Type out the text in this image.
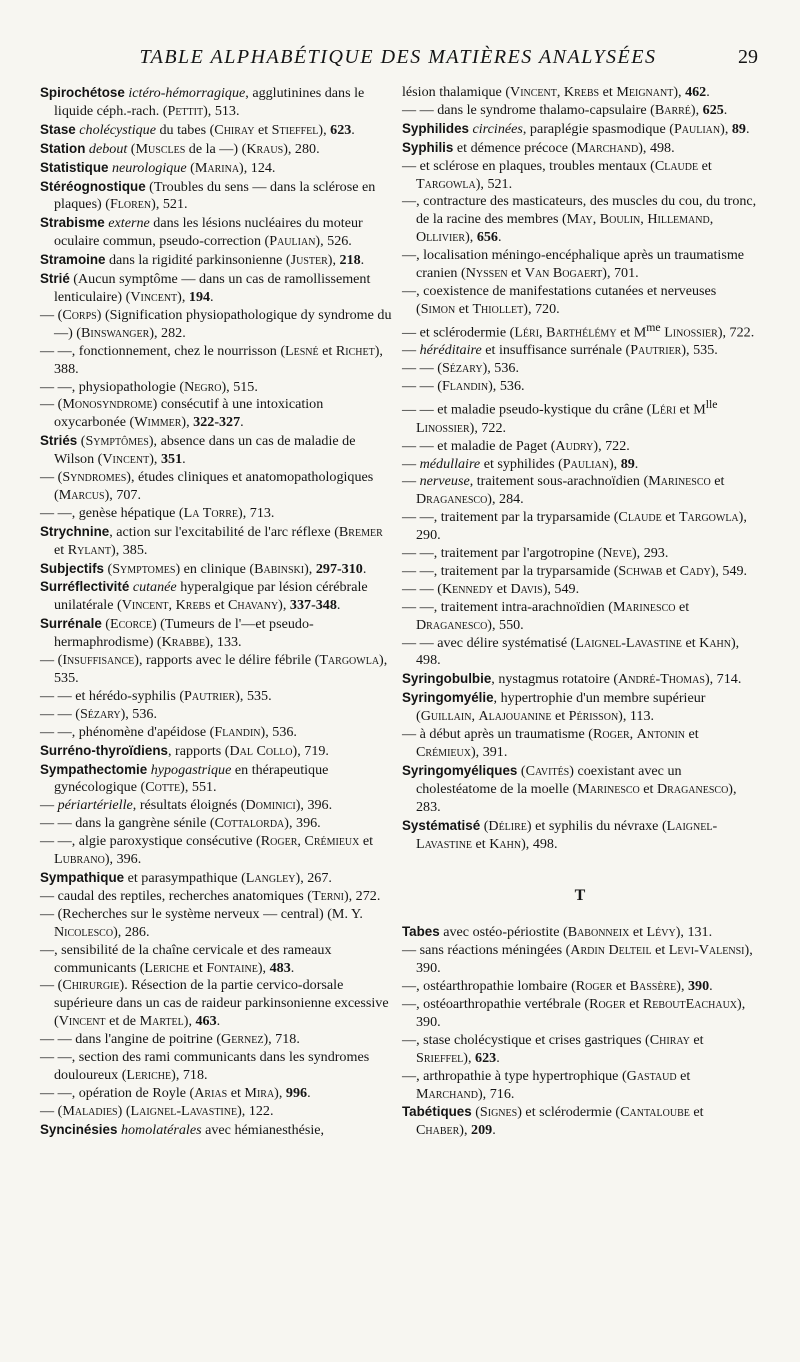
TABLE ALPHABÉTIQUE DES MATIÈRES ANALYSÉES	29

Spirochétose ictéro-hémorragique, agglutinines dans le liquide céph.-rach. (Pettit), 513.

Stase cholécystique du tabes (Chiray et Stieffel), 623.

Station debout (Muscles de la —) (Kraus), 280.

Statistique neurologique (Marina), 124.

Stéréognostique (Troubles du sens — dans la sclérose en plaques) (Floren), 521.

Strabisme externe dans les lésions nucléaires du moteur oculaire commun, pseudo-correction (Paulian), 526.

Stramoine dans la rigidité parkinsonienne (Juster), 218.

Strié (Aucun symptôme — dans un cas de ramollissement lenticulaire) (Vincent), 194.

— (Corps) (Signification physiopathologique dy syndrome du —) (Binswanger), 282.

— —, fonctionnement, chez le nourrisson (Lesné et Richet), 388.

— —, physiopathologie (Negro), 515.

— (Monosyndrome) consécutif à une intoxication oxycarbonée (Wimmer), 322-327.

Striés (Symptômes), absence dans un cas de maladie de Wilson (Vincent), 351.

— (Syndromes), études cliniques et anatomopathologiques (Marcus), 707.

— —, genèse hépatique (La Torre), 713.

Strychnine, action sur l'excitabilité de l'arc réflexe (Bremer et Rylant), 385.

Subjectifs (Symptomes) en clinique (Babinski), 297-310.

Surréflectivité cutanée hyperalgique par lésion cérébrale unilatérale (Vincent, Krebs et Chavany), 337-348.

Surrénale (Ecorce) (Tumeurs de l'—et pseudo-hermaphrodisme) (Krabbe), 133.

— (Insuffisance), rapports avec le délire fébrile (Targowla), 535.

— — et hérédo-syphilis (Pautrier), 535.

— — (Sézary), 536.

— —, phénomène d'apéidose (Flandin), 536.

Surréno-thyroïdiens, rapports (Dal Collo), 719.

Sympathectomie hypogastrique en thérapeutique gynécologique (Cotte), 551.

— périartérielle, résultats éloignés (Dominici), 396.

— — dans la gangrène sénile (Cottalorda), 396.

— —, algie paroxystique consécutive (Roger, Crémieux et Lubrano), 396.

Sympathique et parasympathique (Langley), 267.

— caudal des reptiles, recherches anatomiques (Terni), 272.

— (Recherches sur le système nerveux — central) (M. Y. Nicolesco), 286.

—, sensibilité de la chaîne cervicale et des rameaux communicants (Leriche et Fontaine), 483.

— (Chirurgie). Résection de la partie cervico-dorsale supérieure dans un cas de raideur parkinsonienne excessive (Vincent et de Martel), 463.

— — dans l'angine de poitrine (Gernez), 718.

— —, section des rami communicants dans les syndromes douloureux (Leriche), 718.

— —, opération de Royle (Arias et Mira), 996.

— (Maladies) (Laignel-Lavastine), 122.

Syncinésies homolatérales avec hémianesthésie,

lésion thalamique (Vincent, Krebs et Meignant), 462.

— — dans le syndrome thalamo-capsulaire (Barré), 625.

Syphilides circinées, paraplégie spasmodique (Paulian), 89.

Syphilis et démence précoce (Marchand), 498.

— et sclérose en plaques, troubles mentaux (Claude et Targowla), 521.

—, contracture des masticateurs, des muscles du cou, du tronc, de la racine des membres (May, Boulin, Hillemand, Ollivier), 656.

—, localisation méningo-encéphalique après un traumatisme cranien (Nyssen et Van Bogaert), 701.

—, coexistence de manifestations cutanées et nerveuses (Simon et Thiollet), 720.

— et sclérodermie (Léri, Barthélémy et $M^{me}$ Linossier), 722.

— héréditaire et insuffisance surrénale (Pautrier), 535.

— — (Sézary), 536.

— — (Flandin), 536.

— — et maladie pseudo-kystique du crâne (Léri et $M^{lle}$ Linossier), 722.

— — et maladie de Paget (Audry), 722.

— médullaire et syphilides (Paulian), 89.

— nerveuse, traitement sous-arachnoïdien (Marinesco et Draganesco), 284.

— —, traitement par la tryparsamide (Claude et Targowla), 290.

— —, traitement par l'argotropine (Neve), 293.

— —, traitement par la tryparsamide (Schwab et Cady), 549.

— — (Kennedy et Davis), 549.

— —, traitement intra-arachnoïdien (Marinesco et Draganesco), 550.

— — avec délire systématisé (Laignel-Lavastine et Kahn), 498.

Syringobulbie, nystagmus rotatoire (André-Thomas), 714.

Syringomyélie, hypertrophie d'un membre supérieur (Guillain, Alajouanine et Périsson), 113.

— à début après un traumatisme (Roger, Antonin et Crémieux), 391.

Syringomyéliques (Cavités) coexistant avec un cholestéatome de la moelle (Marinesco et Draganesco), 283.

Systématisé (Délire) et syphilis du névraxe (Laignel-Lavastine et Kahn), 498.

T

Tabes avec ostéo-périostite (Babonneix et Lévy), 131.

— sans réactions méningées (Ardin Delteil et Levi-Valensi), 390.

—, ostéarthropathie lombaire (Roger et Bassère), 390.

—, ostéoarthropathie vertébrale (Roger et ReboutEachaux), 390.

—, stase cholécystique et crises gastriques (Chiray et Srieffel), 623.

—, arthropathie à type hypertrophique (Gastaud et Marchand), 716.

Tabétiques (Signes) et sclérodermie (Cantaloube et Chaber), 209.
